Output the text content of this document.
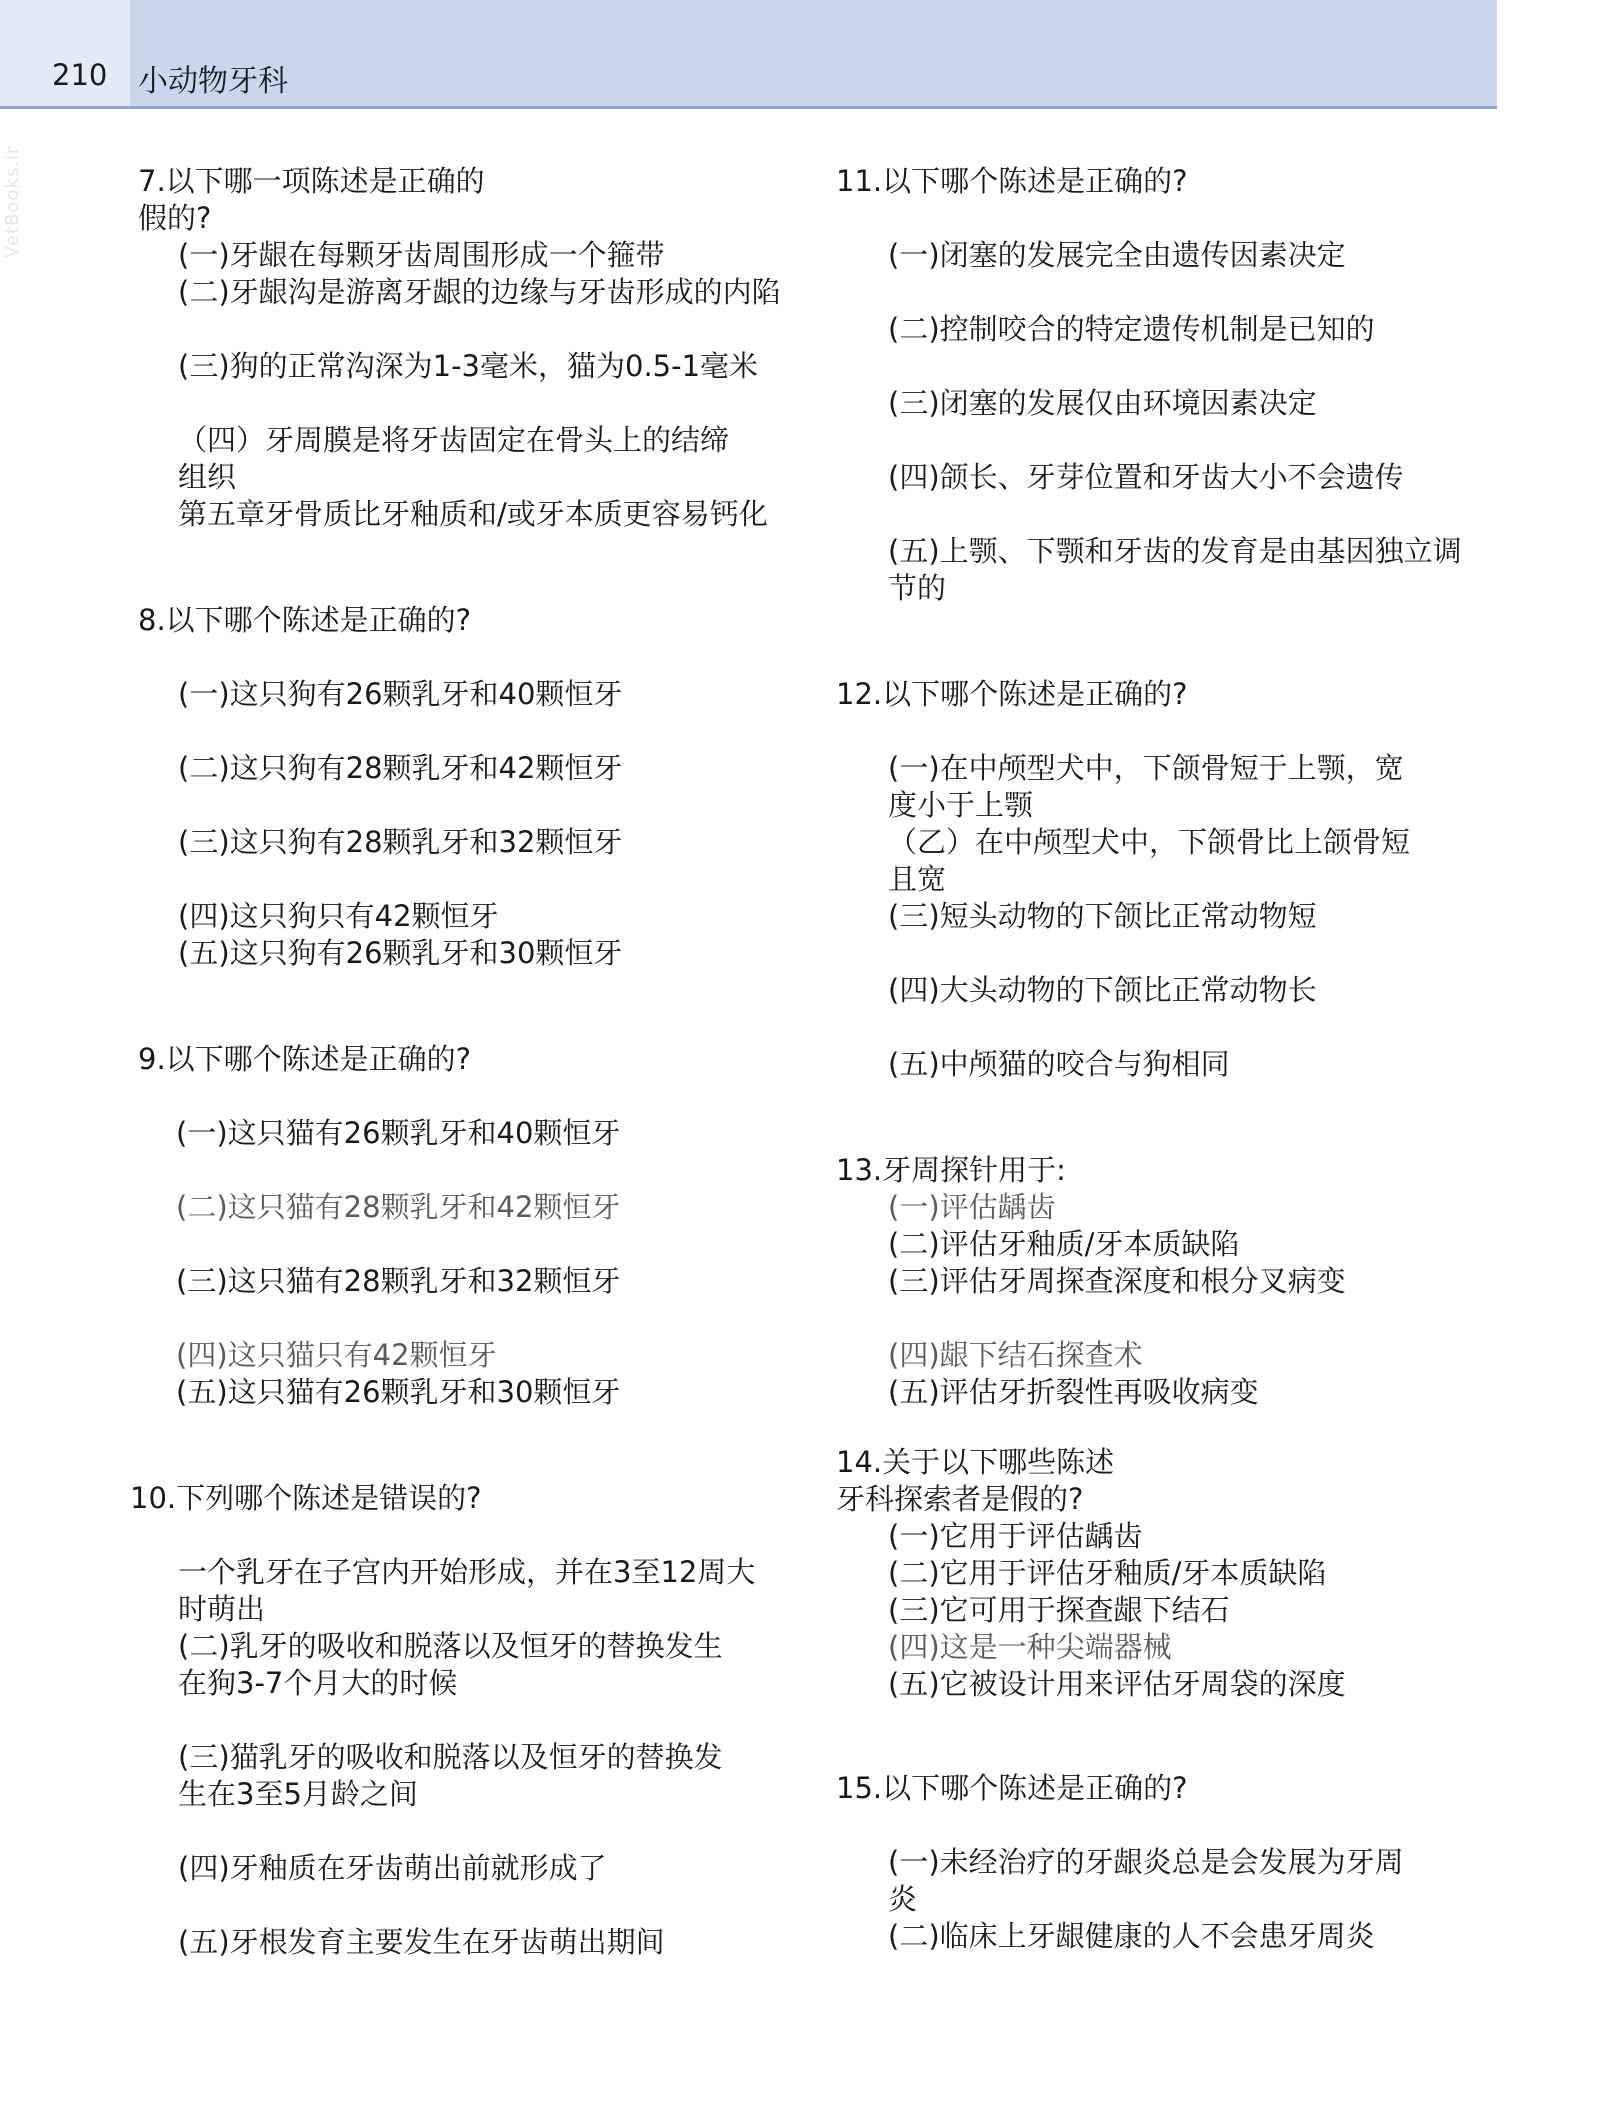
210 小动物牙科
VetBooks.ir	7.以下哪一项陈述是正确的
假的?
(一)牙龈在每颗牙齿周围形成一个箍带
(二)牙龈沟是游离牙龈的边缘与牙齿形成的内陷
(三)狗的正常沟深为1-3毫米，猫为0.5-1毫米
（四）牙周膜是将牙齿固定在骨头上的结缔
组织
第五章牙骨质比牙釉质和/或牙本质更容易钙化
8.以下哪个陈述是正确的?
(一)这只狗有26颗乳牙和40颗恒牙
(二)这只狗有28颗乳牙和42颗恒牙
(三)这只狗有28颗乳牙和32颗恒牙
(四)这只狗只有42颗恒牙
(五)这只狗有26颗乳牙和30颗恒牙
9.以下哪个陈述是正确的?
(一)这只猫有26颗乳牙和40颗恒牙
(二)这只猫有28颗乳牙和42颗恒牙
(三)这只猫有28颗乳牙和32颗恒牙
(四)这只猫只有42颗恒牙
(五)这只猫有26颗乳牙和30颗恒牙
10.下列哪个陈述是错误的?
一个乳牙在子宫内开始形成，并在3至12周大
时萌出
(二)乳牙的吸收和脱落以及恒牙的替换发生
在狗3-7个月大的时候
(三)猫乳牙的吸收和脱落以及恒牙的替换发
生在3至5月龄之间
(四)牙釉质在牙齿萌出前就形成了
(五)牙根发育主要发生在牙齿萌出期间
11.以下哪个陈述是正确的?
(一)闭塞的发展完全由遗传因素决定
(二)控制咬合的特定遗传机制是已知的
(三)闭塞的发展仅由环境因素决定
(四)颌长、牙芽位置和牙齿大小不会遗传
(五)上颚、下颚和牙齿的发育是由基因独立调
节的
12.以下哪个陈述是正确的?
(一)在中颅型犬中，下颌骨短于上颚，宽
度小于上颚
（乙）在中颅型犬中，下颌骨比上颌骨短
且宽
(三)短头动物的下颌比正常动物短
(四)大头动物的下颌比正常动物长
(五)中颅猫的咬合与狗相同
13.牙周探针用于:
(一)评估龋齿
(二)评估牙釉质/牙本质缺陷
(三)评估牙周探查深度和根分叉病变
(四)龈下结石探查术
(五)评估牙折裂性再吸收病变
14.关于以下哪些陈述
牙科探索者是假的?
(一)它用于评估龋齿
(二)它用于评估牙釉质/牙本质缺陷
(三)它可用于探查龈下结石
(四)这是一种尖端器械
(五)它被设计用来评估牙周袋的深度
15.以下哪个陈述是正确的?
(一)未经治疗的牙龈炎总是会发展为牙周
炎
(二)临床上牙龈健康的人不会患牙周炎
